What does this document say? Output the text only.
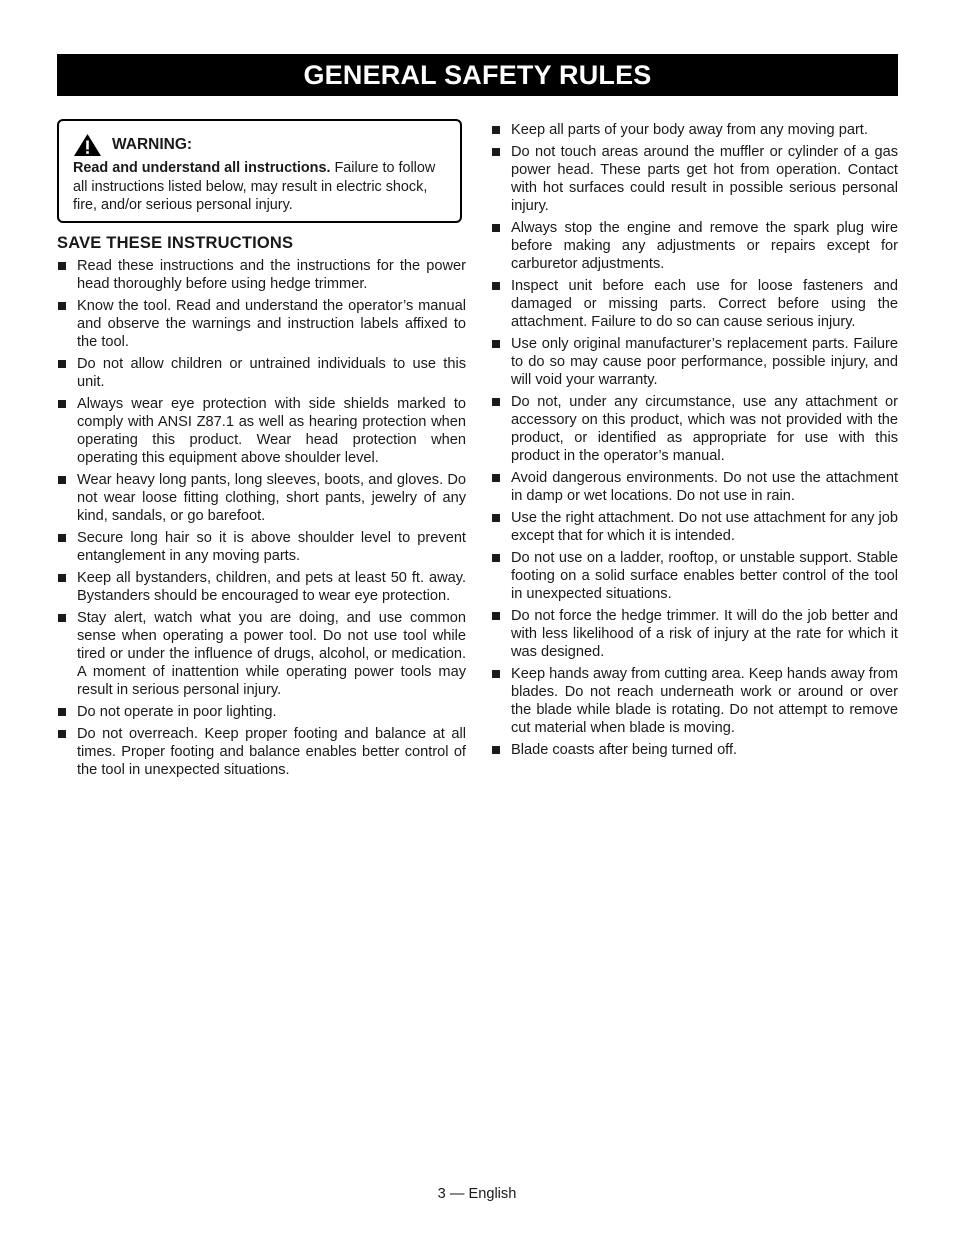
GENERAL SAFETY RULES
WARNING:
Read and understand all instructions. Failure to follow all instructions listed below, may result in electric shock, fire, and/or serious personal injury.
SAVE THESE INSTRUCTIONS
Read these instructions and the instructions for the power head thoroughly before using hedge trimmer.
Know the tool. Read and understand the operator’s manual and observe the warnings and instruction labels affixed to the tool.
Do not allow children or untrained individuals to use this unit.
Always wear eye protection with side shields marked to comply with ANSI Z87.1 as well as hearing protection when operating this product. Wear head protection when operating this equipment above shoulder level.
Wear heavy long pants, long sleeves, boots, and gloves. Do not wear loose fitting clothing, short pants, jewelry of any kind, sandals, or go barefoot.
Secure long hair so it is above shoulder level to prevent entanglement in any moving parts.
Keep all bystanders, children, and pets at least 50 ft. away. Bystanders should be encouraged to wear eye protection.
Stay alert, watch what you are doing, and use common sense when operating a power tool. Do not use tool while tired or under the influence of drugs, alcohol, or medication. A moment of inattention while operating power tools may result in serious personal injury.
Do not operate in poor lighting.
Do not overreach. Keep proper footing and balance at all times. Proper footing and balance enables better control of the tool in unexpected situations.
Keep all parts of your body away from any moving part.
Do not touch areas around the muffler or cylinder of a gas power head. These parts get hot from operation. Contact with hot surfaces could result in possible serious personal injury.
Always stop the engine and remove the spark plug wire before making any adjustments or repairs except for carburetor adjustments.
Inspect unit before each use for loose fasteners and damaged or missing parts. Correct before using the attachment. Failure to do so can cause serious injury.
Use only original manufacturer’s replacement parts. Failure to do so may cause poor performance, possible injury, and will void your warranty.
Do not, under any circumstance, use any attachment or accessory on this product, which was not provided with the product, or identified as appropriate for use with this product in the operator’s manual.
Avoid dangerous environments. Do not use the attachment in damp or wet locations. Do not use in rain.
Use the right attachment. Do not use attachment for any job except that for which it is intended.
Do not use on a ladder, rooftop, or unstable support. Stable footing on a solid surface enables better control of the tool in unexpected situations.
Do not force the hedge trimmer. It will do the job better and with less likelihood of a risk of injury at the rate for which it was designed.
Keep hands away from cutting area. Keep hands away from blades. Do not reach underneath work or around or over the blade while blade is rotating. Do not attempt to remove cut material when blade is moving.
Blade coasts after being turned off.
3 — English
